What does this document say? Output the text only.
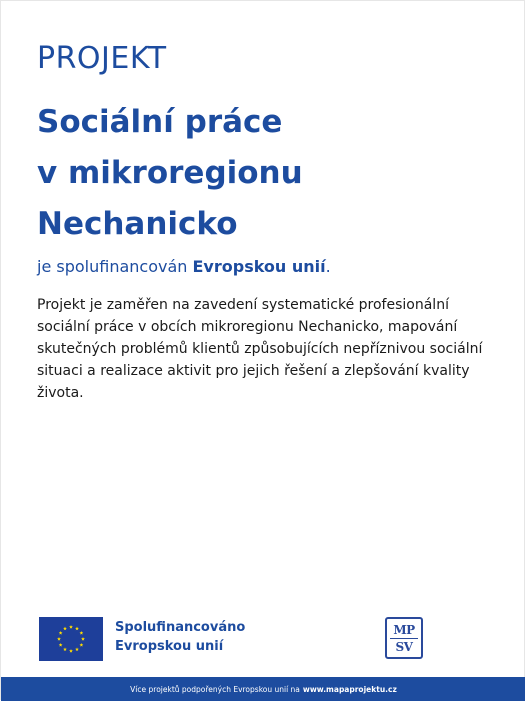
PROJEKT
Sociální práce
v mikroregionu
Nechanicko
je spolufinancován Evropskou unií.
Projekt je zaměřen na zavedení systematické profesionální sociální práce v obcích mikroregionu Nechanicko, mapování skutečných problémů klientů způsobujících nepříznivou sociální situaci a realizace aktivit pro jejich řešení a zlepšování kvality života.
Spolufinancováno
Evropskou unií
MP
SV
Více projektů podpořených Evropskou unií na www.mapaprojektu.cz
